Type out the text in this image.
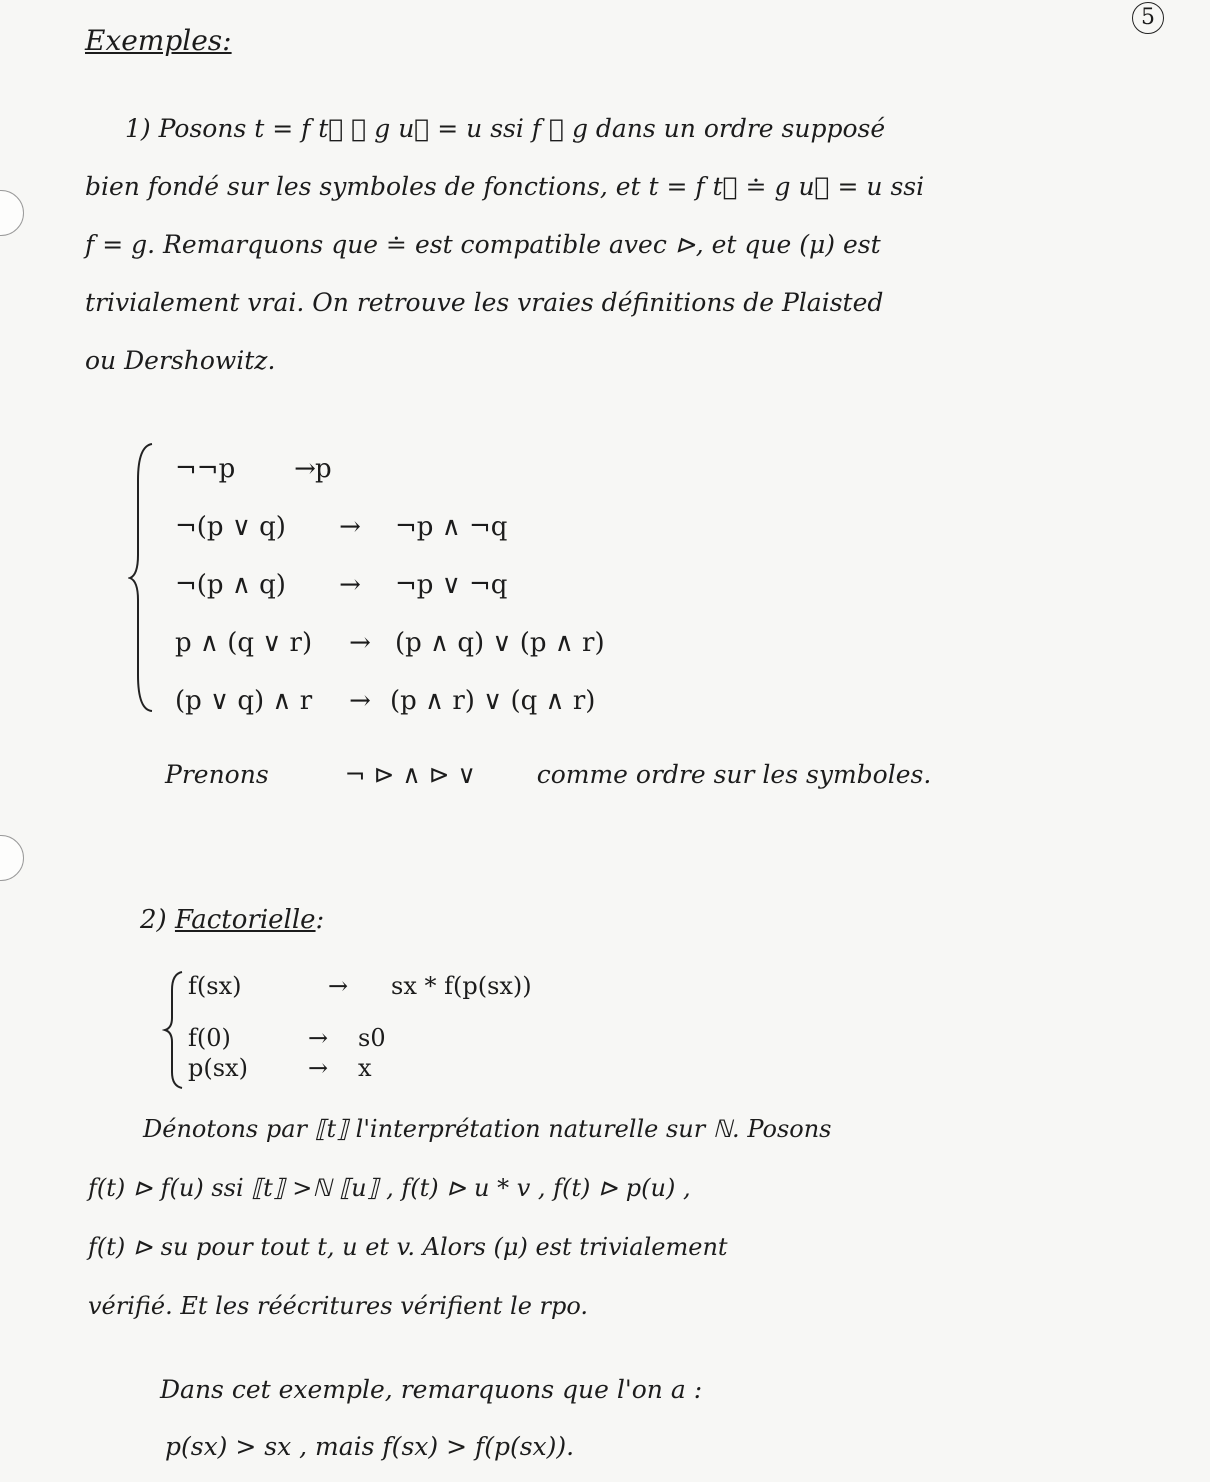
5
Exemples:
1) Posons t = f t⃗ ⊳ g u⃗ = u ssi f ⊳ g dans un ordre supposé
bien fondé sur les symboles de fonctions, et t = f t⃗ ≐ g u⃗ = u ssi
f = g. Remarquons que ≐ est compatible avec ⊳, et que (μ) est
trivialement vrai. On retrouve les vraies définitions de Plaisted
ou Dershowitz.
¬¬p →p
¬(p ∨ q) → ¬p ∧ ¬q
¬(p ∧ q) → ¬p ∨ ¬q
p ∧ (q ∨ r) → (p ∧ q) ∨ (p ∧ r)
(p ∨ q) ∧ r → (p ∧ r) ∨ (q ∧ r)
Prenons	¬ ⊳ ∧ ⊳ ∨ comme ordre sur les symboles.
2) Factorielle:
f(sx)	→ sx * f(p(sx))
f(0)	→ s0
p(sx) → x
Dénotons par ⟦t⟧ l'interprétation naturelle sur ℕ. Posons
f(t) ⊳ f(u) ssi ⟦t⟧ >ℕ ⟦u⟧ , f(t) ⊳ u * v , f(t) ⊳ p(u) ,
f(t) ⊳ su pour tout t, u et v. Alors (μ) est trivialement
vérifié. Et les réécritures vérifient le rpo.
Dans cet exemple, remarquons que l'on a :
p(sx) > sx , mais f(sx) > f(p(sx)).
